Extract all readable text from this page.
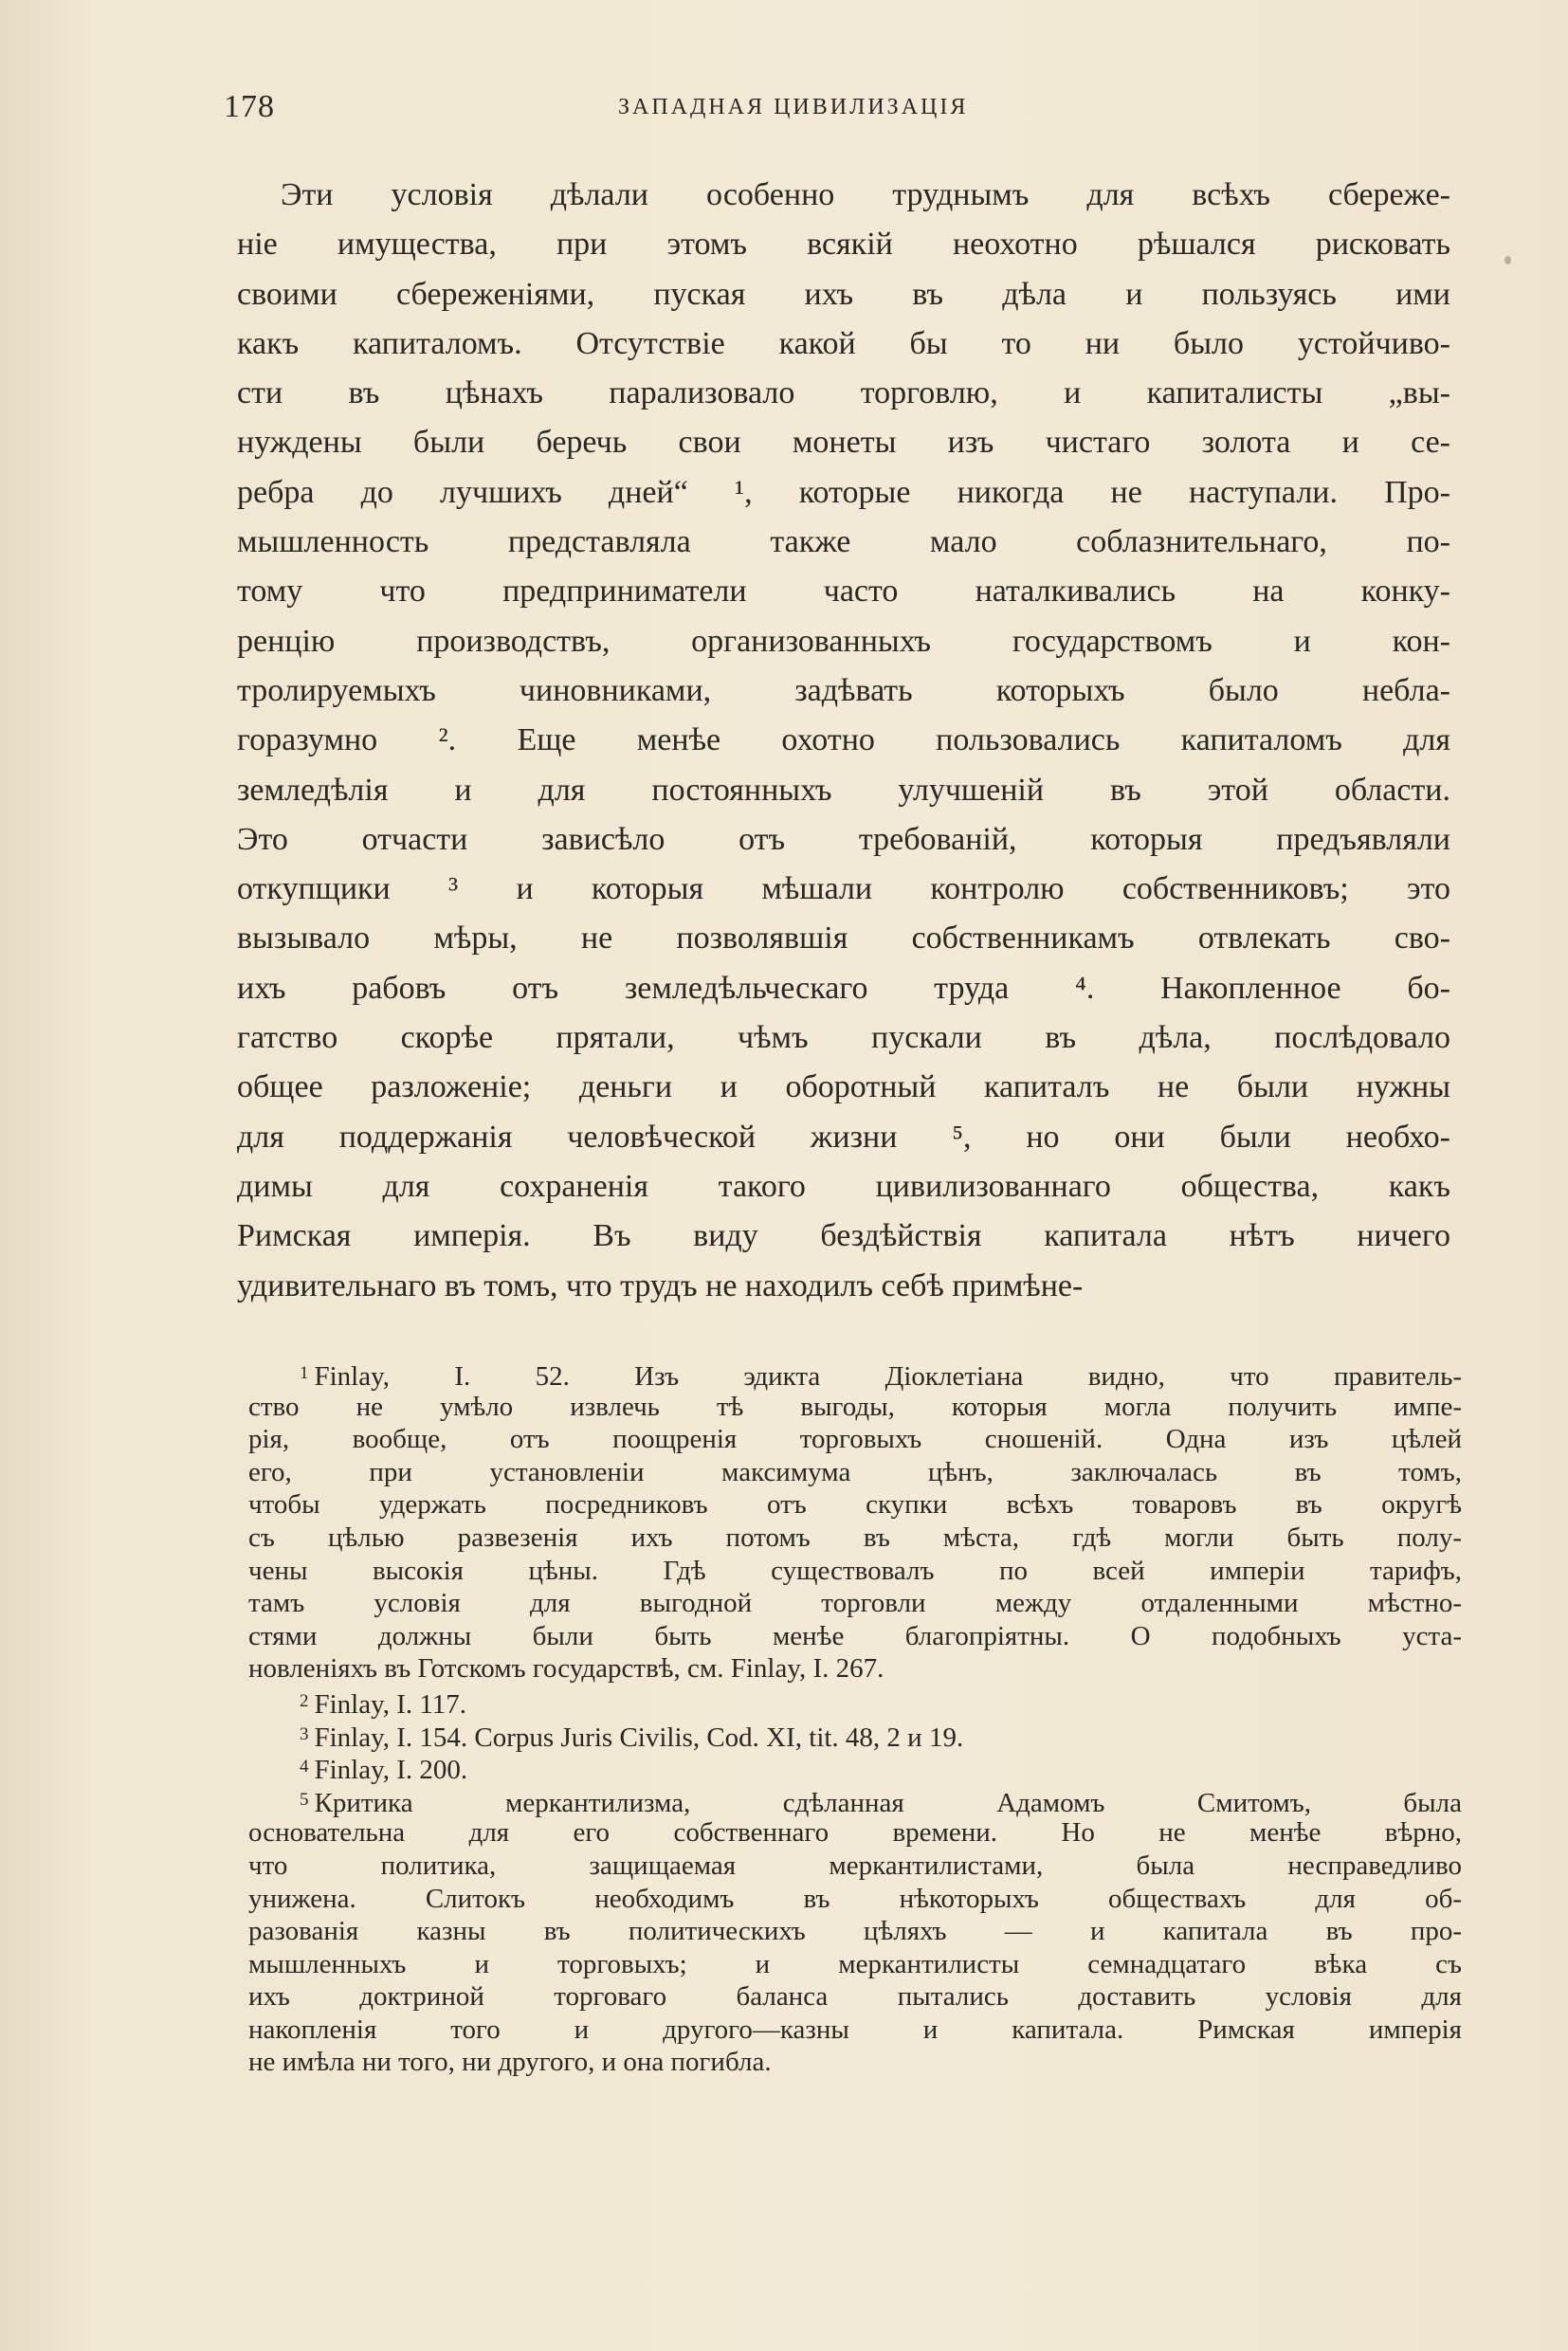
178	ЗАПАДНАЯ ЦИВИЛИЗАЦІЯ
Эти условія дѣлали особенно труднымъ для всѣхъ сбереже-
ніе имущества, при этомъ всякій неохотно рѣшался рисковать
своими сбереженіями, пуская ихъ въ дѣла и пользуясь ими
какъ капиталомъ. Отсутствіе какой бы то ни было устойчиво-
сти въ цѣнахъ парализовало торговлю, и капиталисты „вы-
нуждены были беречь свои монеты изъ чистаго золота и се-
ребра до лучшихъ дней“ ¹, которые никогда не наступали. Про-
мышленность представляла также мало соблазнительнаго, по-
тому что предприниматели часто наталкивались на конку-
ренцію производствъ, организованныхъ государствомъ и кон-
тролируемыхъ чиновниками, задѣвать которыхъ было небла-
горазумно ². Еще менѣе охотно пользовались капиталомъ для
земледѣлія и для постоянныхъ улучшеній въ этой области.
Это отчасти зависѣло отъ требованій, которыя предъявляли
откупщики ³ и которыя мѣшали контролю собственниковъ; это
вызывало мѣры, не позволявшія собственникамъ отвлекать сво-
ихъ рабовъ отъ земледѣльческаго труда ⁴. Накопленное бо-
гатство скорѣе прятали, чѣмъ пускали въ дѣла, послѣдовало
общее разложеніе; деньги и оборотный капиталъ не были нужны
для поддержанія человѣческой жизни ⁵, но они были необхо-
димы для сохраненія такого цивилизованнаго общества, какъ
Римская имперія. Въ виду бездѣйствія капитала нѣтъ ничего
удивительнаго въ томъ, что трудъ не находилъ себѣ примѣне-
1 Finlay, I. 52. Изъ эдикта Діоклетіана видно, что правитель-
ство не умѣло извлечь тѣ выгоды, которыя могла получить импе-
рія, вообще, отъ поощренія торговыхъ сношеній. Одна изъ цѣлей
его, при установленіи максимума цѣнъ, заключалась въ томъ,
чтобы удержать посредниковъ отъ скупки всѣхъ товаровъ въ округѣ
съ цѣлью развезенія ихъ потомъ въ мѣста, гдѣ могли быть полу-
чены высокія цѣны. Гдѣ существовалъ по всей имперіи тарифъ,
тамъ условія для выгодной торговли между отдаленными мѣстно-
стями должны были быть менѣе благопріятны. О подобныхъ уста-
новленіяхъ въ Готскомъ государствѣ, см. Finlay, I. 267.
2 Finlay, I. 117.
3 Finlay, I. 154. Corpus Juris Civilis, Cod. XI, tit. 48, 2 и 19.
4 Finlay, I. 200.
5 Критика меркантилизма, сдѣланная Адамомъ Смитомъ, была
основательна для его собственнаго времени. Но не менѣе вѣрно,
что политика, защищаемая меркантилистами, была несправедливо
унижена. Слитокъ необходимъ въ нѣкоторыхъ обществахъ для об-
разованія казны въ политическихъ цѣляхъ — и капитала въ про-
мышленныхъ и торговыхъ; и меркантилисты семнадцатаго вѣка съ
ихъ доктриной торговаго баланса пытались доставить условія для
накопленія того и другого—казны и капитала. Римская имперія
не имѣла ни того, ни другого, и она погибла.
